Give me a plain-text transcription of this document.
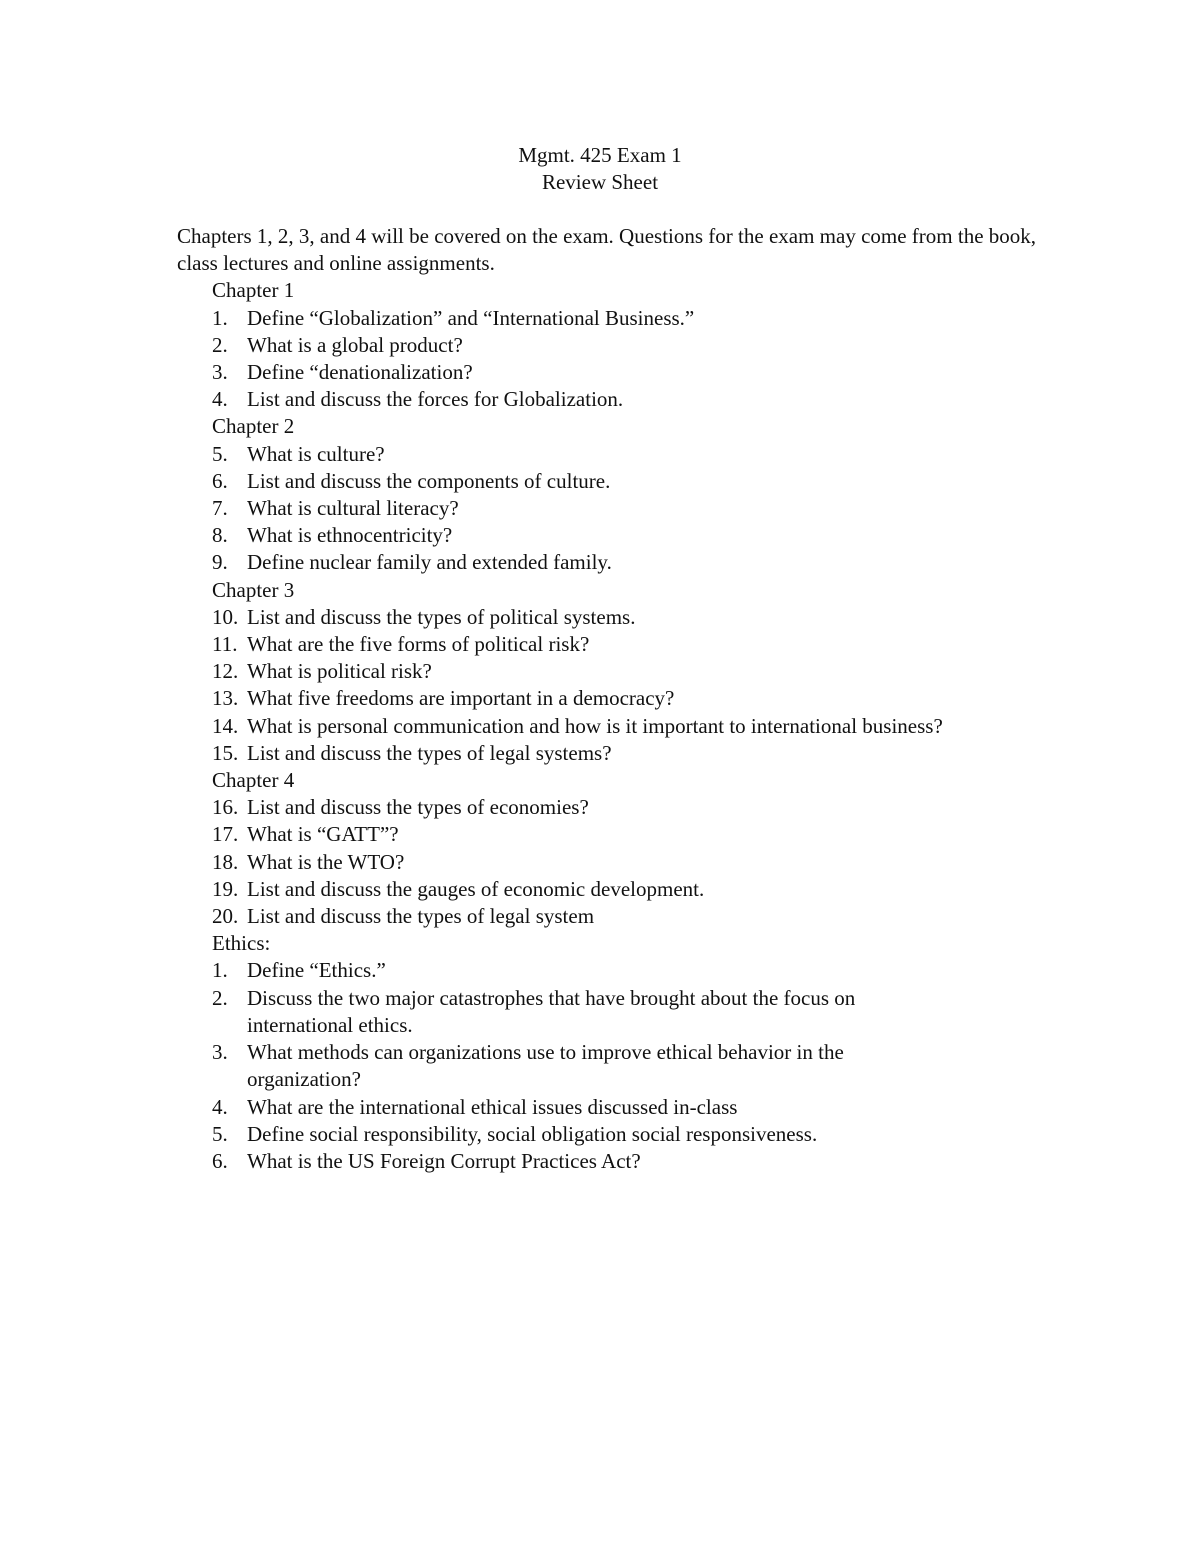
Mgmt. 425 Exam 1
Review Sheet

Chapters 1, 2, 3, and 4 will be covered on the exam. Questions for the exam may come from the book, class lectures and online assignments.

Chapter 1

1. Define “Globalization” and “International Business.”
2. What is a global product?
3. Define “denationalization?
4. List and discuss the forces for Globalization.

Chapter 2

5. What is culture?
6. List and discuss the components of culture.
7. What is cultural literacy?
8. What is ethnocentricity?
9. Define nuclear family and extended family.

Chapter 3

10. List and discuss the types of political systems.
11. What are the five forms of political risk?
12. What is political risk?
13. What five freedoms are important in a democracy?
14. What is personal communication and how is it important to international business?
15. List and discuss the types of legal systems?

Chapter 4

16. List and discuss the types of economies?
17. What is “GATT”?
18. What is the WTO?
19. List and discuss the gauges of economic development.
20. List and discuss the types of legal system

Ethics:

1. Define “Ethics.”
2. Discuss the two major catastrophes that have brought about the focus on international ethics.
3. What methods can organizations use to improve ethical behavior in the organization?
4. What are the international ethical issues discussed in-class
5. Define social responsibility, social obligation social responsiveness.
6. What is the US Foreign Corrupt Practices Act?
